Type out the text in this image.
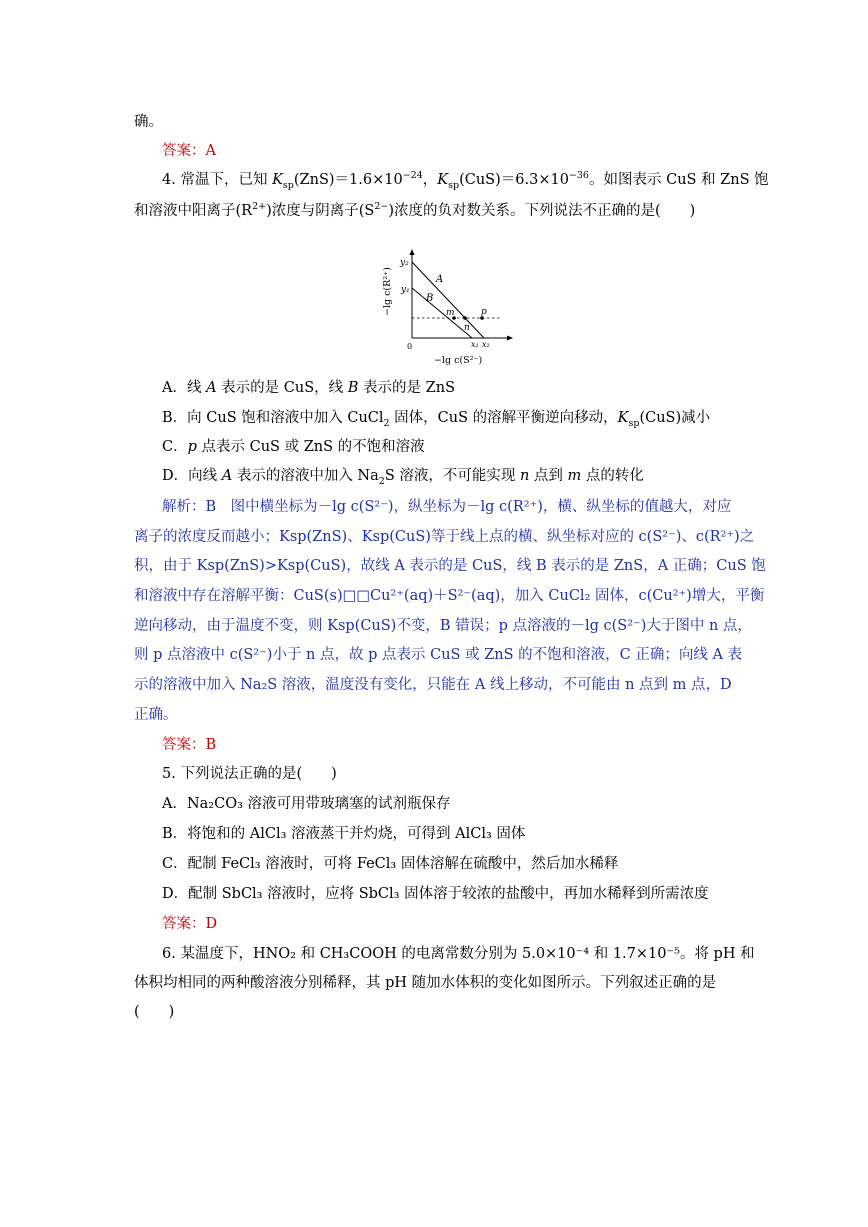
确。
答案：A
4. 常温下，已知 $K_{sp}(ZnS)=1.6\times 10^{-24}$，$K_{sp}(CuS)=6.3\times 10^{-36}$。如图表示 CuS 和 ZnS 饱
和溶液中阳离子$(R^{2+})$浓度与阴离子$(S^{2-})$浓度的负对数关系。下列说法不正确的是(　　)
y₂
y₁
A
B
m
n
p
x₁ x₂
0
−lg c(S²⁻)
−lg c(R²⁺)
A．线 A 表示的是 CuS，线 B 表示的是 ZnS
B．向 CuS 饱和溶液中加入 CuCl$_2$ 固体，CuS 的溶解平衡逆向移动，$K_{sp}(CuS)$减小
C．p 点表示 CuS 或 ZnS 的不饱和溶液
D．向线 A 表示的溶液中加入 $Na_2S$ 溶液，不可能实现 n 点到 m 点的转化
解析：B　图中横坐标为－lg c(S²⁻)，纵坐标为－lg c(R²⁺)，横、纵坐标的值越大，对应
离子的浓度反而越小；Ksp(ZnS)、Ksp(CuS)等于线上点的横、纵坐标对应的 c(S²⁻)、c(R²⁺)之
积，由于 Ksp(ZnS)>Ksp(CuS)，故线 A 表示的是 CuS，线 B 表示的是 ZnS，A 正确；CuS 饱
和溶液中存在溶解平衡：CuS(s)□□Cu²⁺(aq)＋S²⁻(aq)，加入 CuCl₂ 固体，c(Cu²⁺)增大，平衡
逆向移动，由于温度不变，则 Ksp(CuS)不变，B 错误；p 点溶液的－lg c(S²⁻)大于图中 n 点，
则 p 点溶液中 c(S²⁻)小于 n 点，故 p 点表示 CuS 或 ZnS 的不饱和溶液，C 正确；向线 A 表
示的溶液中加入 Na₂S 溶液，温度没有变化，只能在 A 线上移动，不可能由 n 点到 m 点，D
正确。
答案：B
5. 下列说法正确的是(　　)
A．Na₂CO₃ 溶液可用带玻璃塞的试剂瓶保存
B．将饱和的 AlCl₃ 溶液蒸干并灼烧，可得到 AlCl₃ 固体
C．配制 FeCl₃ 溶液时，可将 FeCl₃ 固体溶解在硫酸中，然后加水稀释
D．配制 SbCl₃ 溶液时，应将 SbCl₃ 固体溶于较浓的盐酸中，再加水稀释到所需浓度
答案：D
6. 某温度下，HNO₂ 和 CH₃COOH 的电离常数分别为 5.0×10⁻⁴ 和 1.7×10⁻⁵。将 pH 和
体积均相同的两种酸溶液分别稀释，其 pH 随加水体积的变化如图所示。下列叙述正确的是
(　　)
